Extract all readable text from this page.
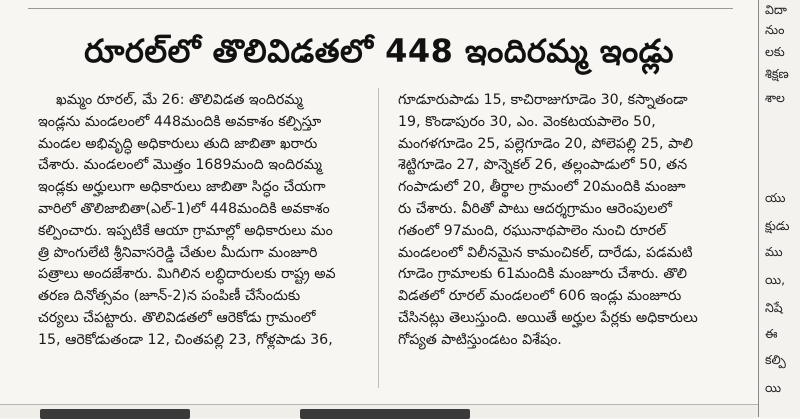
రూరల్‌లో తొలివిడతలో 448 ఇందిరమ్మ ఇండ్లు
ఖమ్మం రూరల్, మే 26: తొలివిడత ఇందిరమ్మ
ఇండ్లను మండలంలో 448మందికి అవకాశం కల్పిస్తూ
మండల అభివృద్ధి అధికారులు తుది జాబితా ఖరారు
చేశారు. మండలంలో మొత్తం 1689మంది ఇందిరమ్మ
ఇండ్లకు అర్హులుగా అధికారులు జాబితా సిద్ధం చేయగా
వారిలో తొలిజాబితా(ఎల్-1)లో 448మందికి అవకాశం
కల్పించారు. ఇప్పటికే ఆయా గ్రామాల్లో అధికారులు మం
త్రి పొంగులేటి శ్రీనివాసరెడ్డి చేతుల మీదుగా మంజూరి
పత్రాలు అందజేశారు. మిగిలిన లబ్ధిదారులకు రాష్ట్ర అవ
తరణ దినోత్సవం (జూన్-2)న పంపిణీ చేసేందుకు
చర్యలు చేపట్టారు. తొలివిడతలో ఆరెకోడు గ్రామంలో
15, ఆరెకోడుతండా 12, చింతపల్లి 23, గోళ్లపాడు 36,
గూడూరుపాడు 15, కాచిరాజుగూడెం 30, కస్నాతండా
19, కొండాపురం 30, ఎం. వెంకటయపాలెం 50,
మంగళగూడెం 25, పల్లెగూడెం 20, పోలెపల్లి 25, పాలి
శెట్టిగూడెం 27, పొన్నెకల్ 26, తల్లంపాడులో 50, తన
గంపాడులో 20, తీర్థాల గ్రామంలో 20మందికి మంజూ
రు చేశారు. వీరితో పాటు ఆదర్శగ్రామం ఆరెంపులలో
గతంలో 97మంది, రఘునాథపాలెం నుంచి రూరల్
మండలంలో విలీనమైన కామంచికల్, దారేడు, పడమటి
గూడెం గ్రామాలకు 61మందికి మంజూరు చేశారు. తొలి
విడతలో రూరల్ మండలంలో 606 ఇండ్లు మంజూరు
చేసినట్లు తెలుస్తుంది. అయితే అర్హుల పేర్లకు అధికారులు
గోప్యత పాటిస్తుండటం విశేషం.
విదా
నుం
లకు
శిక్షణ
శాల
యు
క్షుడు
ము
యి,
నిషే
ఈ
కల్పి
యి
